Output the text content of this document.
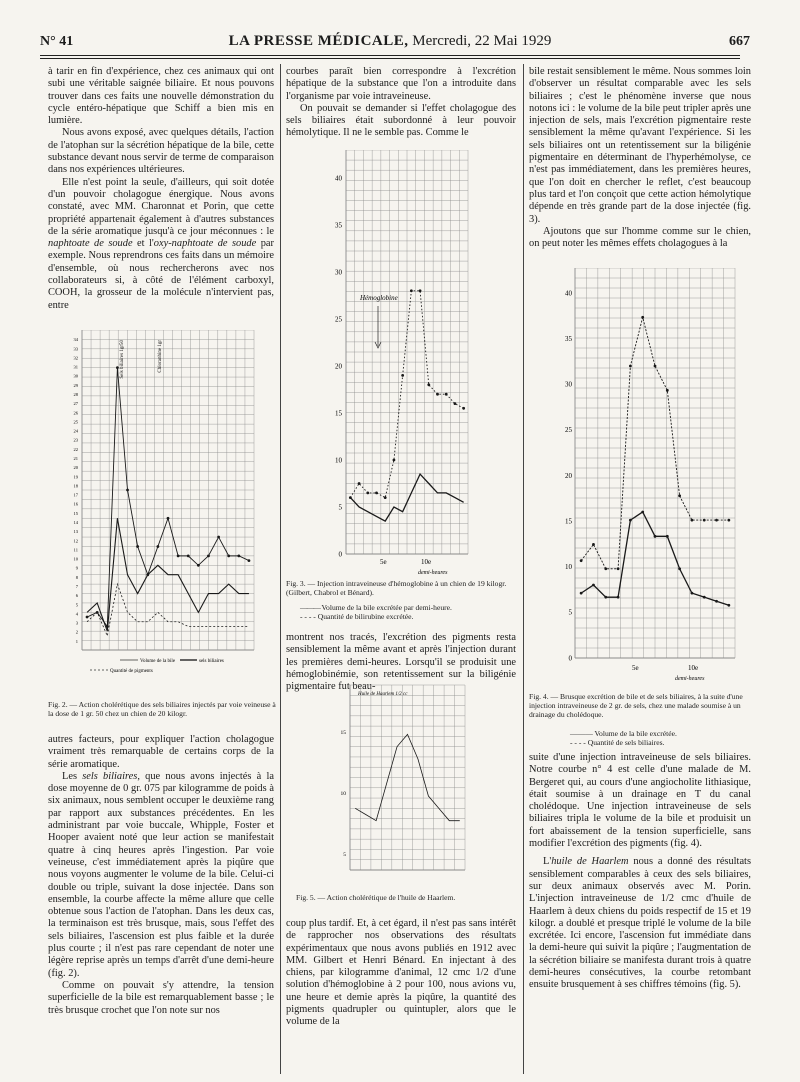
N° 41	LA PRESSE MÉDICALE, Mercredi, 22 Mai 1929	667

à tarir en fin d'expérience, chez ces animaux qui ont subi une véritable saignée biliaire. Et nous pouvons trouver dans ces faits une nouvelle démonstration du cycle entéro-hépatique que Schiff a bien mis en lumière.

Nous avons exposé, avec quelques détails, l'action de l'atophan sur la sécrétion hépatique de la bile, cette substance devant nous servir de terme de comparaison dans nos expériences ultérieures.

Elle n'est point la seule, d'ailleurs, qui soit dotée d'un pouvoir cholagogue énergique. Nous avons constaté, avec MM. Charonnat et Porin, que cette propriété appartenait également à d'autres substances de la série aromatique jusqu'à ce jour méconnues : le naphtoate de soude et l'oxy-naphtoate de soude par exemple. Nous reprendrons ces faits dans un mémoire d'ensemble, où nous rechercherons avec nos collaborateurs si, à côté de l'élément carboxyl, COOH, la grosseur de la molécule n'intervient pas, entre

34
33
32
31
30
29
28
27
26
25
24
23
22
21
20
19
18
17
16
15
14
13
12
11
10
9
8
7
6
5
4
3
2
1
Sels biliaires 1gr50	Chloranhine 1gr
Volume de la bile	sels biliaires
Quantité de pigments
Fig. 2. — Action cholérétique des sels biliaires injectés par voie veineuse à la dose de 1 gr. 50 chez un chien de 20 kilogr.

autres facteurs, pour expliquer l'action cholagogue vraiment très remarquable de certains corps de la série aromatique.

Les sels biliaires, que nous avons injectés à la dose moyenne de 0 gr. 075 par kilogramme de poids à six animaux, nous semblent occuper le deuxième rang par rapport aux substances précédentes. En les administrant par voie buccale, Whipple, Foster et Hooper avaient noté que leur action se manifestait quatre à cinq heures après l'ingestion. Par voie veineuse, c'est immédiatement après la piqûre que nous voyons augmenter le volume de la bile. Celui-ci double ou triple, suivant la dose injectée. Dans son ensemble, la courbe affecte la même allure que celle obtenue sous l'action de l'atophan. Dans les deux cas, la terminaison est très brusque, mais, sous l'effet des sels biliaires, l'ascension est plus faible et la durée plus courte ; il n'est pas rare cependant de noter une légère reprise après un temps d'arrêt d'une demi-heure (fig. 2).

Comme on pouvait s'y attendre, la tension superficielle de la bile est remarquablement basse ; le très brusque crochet que l'on note sur nos

courbes paraît bien correspondre à l'excrétion hépatique de la substance que l'on a introduite dans l'organisme par voie intraveineuse.

On pouvait se demander si l'effet cholagogue des sels biliaires était subordonné à leur pouvoir hémolytique. Il ne le semble pas. Comme le

40
35
30
25
20
15
10
5
0
Hémoglobine
5e	10e
demi-heures
Fig. 3. — Injection intraveineuse d'hémoglobine à un chien de 19 kilogr. (Gilbert, Chabrol et Bénard).
——— Volume de la bile excrétée par demi-heure.
- - - - Quantité de bilirubine excrétée.

montrent nos tracés, l'excrétion des pigments resta sensiblement la même avant et après l'injection durant les premières demi-heures. Lorsqu'il se produisit une hémoglobinémie, son retentissement sur la biligénie pigmentaire fut beau-

15
10
5
Huile de Haarlem 1/2 cc
Fig. 5. — Action cholérétique de l'huile de Haarlem.

coup plus tardif. Et, à cet égard, il n'est pas sans intérêt de rapprocher nos observations des résultats expérimentaux que nous avons publiés en 1912 avec MM. Gilbert et Henri Bénard. En injectant à des chiens, par kilogramme d'animal, 12 cmc 1/2 d'une solution d'hémoglobine à 2 pour 100, nous avions vu, une heure et demie après la piqûre, la quantité des pigments quadrupler ou quintupler, alors que le volume de la

bile restait sensiblement le même. Nous sommes loin d'observer un résultat comparable avec les sels biliaires ; c'est le phénomène inverse que nous notons ici : le volume de la bile peut tripler après une injection de sels, mais l'excrétion pigmentaire reste sensiblement la même qu'avant l'expérience. Si les sels biliaires ont un retentissement sur la biligénie pigmentaire en déterminant de l'hyperhémolyse, ce n'est pas immédiatement, dans les premières heures, que l'on doit en chercher le reflet, c'est beaucoup plus tard et l'on conçoit que cette action hémolytique dépende en très grande part de la dose injectée (fig. 3).

Ajoutons que sur l'homme comme sur le chien, on peut noter les mêmes effets cholagogues à la

40
35
30
25
20
15
10
5
0
5e	10e
demi-heures
Fig. 4. — Brusque excrétion de bile et de sels biliaires, à la suite d'une injection intraveineuse de 2 gr. de sels, chez une malade soumise à un drainage du cholédoque.
——— Volume de la bile excrétée.
- - - - Quantité de sels biliaires.

suite d'une injection intraveineuse de sels biliaires. Notre courbe n° 4 est celle d'une malade de M. Bergeret qui, au cours d'une angiocholite lithiasique, était soumise à un drainage en T du canal cholédoque. Une injection intraveineuse de sels biliaires tripla le volume de la bile et produisit un fort abaissement de la tension superficielle, sans modifier l'excrétion des pigments (fig. 4).

L'huile de Haarlem nous a donné des résultats sensiblement comparables à ceux des sels biliaires, sur deux animaux observés avec M. Porin. L'injection intraveineuse de 1/2 cmc d'huile de Haarlem à deux chiens du poids respectif de 15 et 19 kilogr. a doublé et presque triplé le volume de la bile excrétée. Ici encore, l'ascension fut immédiate dans la demi-heure qui suivit la piqûre ; l'augmentation de la sécrétion biliaire se manifesta durant trois à quatre demi-heures consécutives, la courbe retombant ensuite brusquement à ses chiffres témoins (fig. 5).
